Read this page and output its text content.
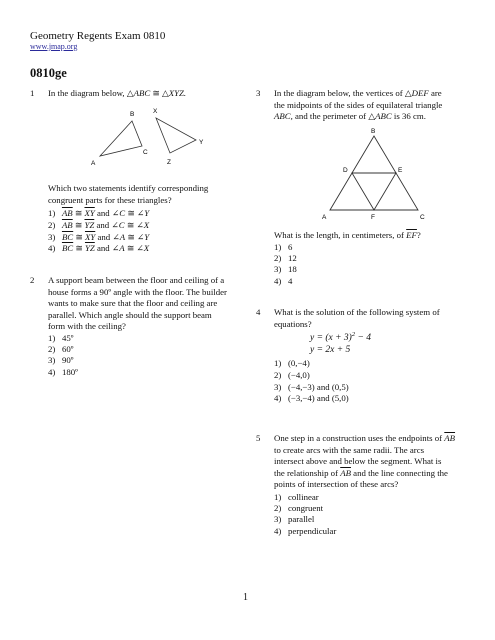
Geometry Regents Exam 0810
www.jmap.org
0810ge
1 In the diagram below, △ABC ≅ △XYZ.
B
A
C
X
Y
Z
Which two statements identify corresponding
congruent parts for these triangles?
1) $\overline{AB}$ ≅ $\overline{XY}$ and ∠C ≅ ∠Y
2) $\overline{AB}$ ≅ $\overline{YZ}$ and ∠C ≅ ∠X
3) $\overline{BC}$ ≅ $\overline{XY}$ and ∠A ≅ ∠Y
4) $\overline{BC}$ ≅ $\overline{YZ}$ and ∠A ≅ ∠X
2 A support beam between the floor and ceiling of a
house forms a 90º angle with the floor. The builder
wants to make sure that the floor and ceiling are
parallel. Which angle should the support beam
form with the ceiling?
1) 45º
2) 60º
3) 90º
4) 180º
3 In the diagram below, the vertices of △DEF are
the midpoints of the sides of equilateral triangle
ABC, and the perimeter of △ABC is 36 cm.
B
D	E
A	F	C
What is the length, in centimeters, of $\overline{EF}$?
1) 6
2) 12
3) 18
4) 4
4 What is the solution of the following system of
equations?
$y = (x + 3)^2 - 4$
y = 2x + 5
1) (0,−4)
2) (−4,0)
3) (−4,−3) and (0,5)
4) (−3,−4) and (5,0)
5 One step in a construction uses the endpoints of $\overline{AB}$
to create arcs with the same radii. The arcs
intersect above and below the segment. What is
the relationship of $\overline{AB}$ and the line connecting the
points of intersection of these arcs?
1) collinear
2) congruent
3) parallel
4) perpendicular
1
